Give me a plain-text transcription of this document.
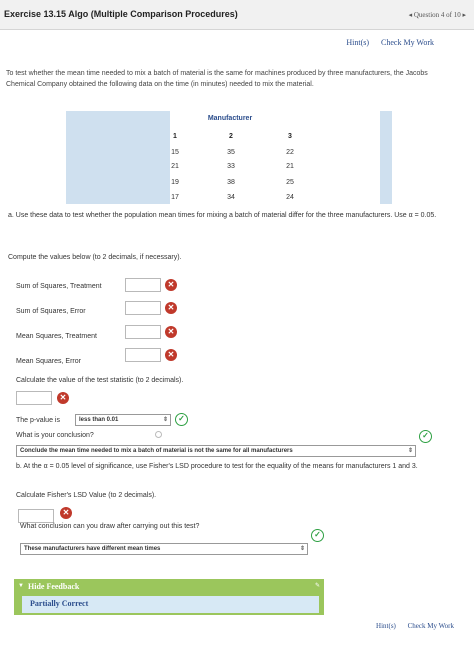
Exercise 13.15 Algo (Multiple Comparison Procedures)	◂ Question 4 of 10 ▸
Hint(s) Check My Work
To test whether the mean time needed to mix a batch of material is the same for machines produced by three manufacturers, the Jacobs Chemical Company obtained the following data on the time (in minutes) needed to mix the material.
Manufacturer
1	2	3
15	35	22
21	33	21
19	38	25
17	34	24
a. Use these data to test whether the population mean times for mixing a batch of material differ for the three manufacturers. Use α = 0.05.
Compute the values below (to 2 decimals, if necessary).
Sum of Squares, Treatment	✕
Sum of Squares, Error	✕
Mean Squares, Treatment
✕
Mean Squares, Error
✕
Calculate the value of the test statistic (to 2 decimals).
✕
The p-value is	less than 0.01	⇕	✓
What is your conclusion?
Conclude the mean time needed to mix a batch of material is not the same for all manufacturers	⇕
✓
b. At the α = 0.05 level of significance, use Fisher's LSD procedure to test for the equality of the means for manufacturers 1 and 3.
Calculate Fisher's LSD Value (to 2 decimals).
✕
What conclusion can you draw after carrying out this test?
These manufacturers have different mean times	⇕
✓
▼ Hide Feedback	✎
Partially Correct
Hint(s) Check My Work
